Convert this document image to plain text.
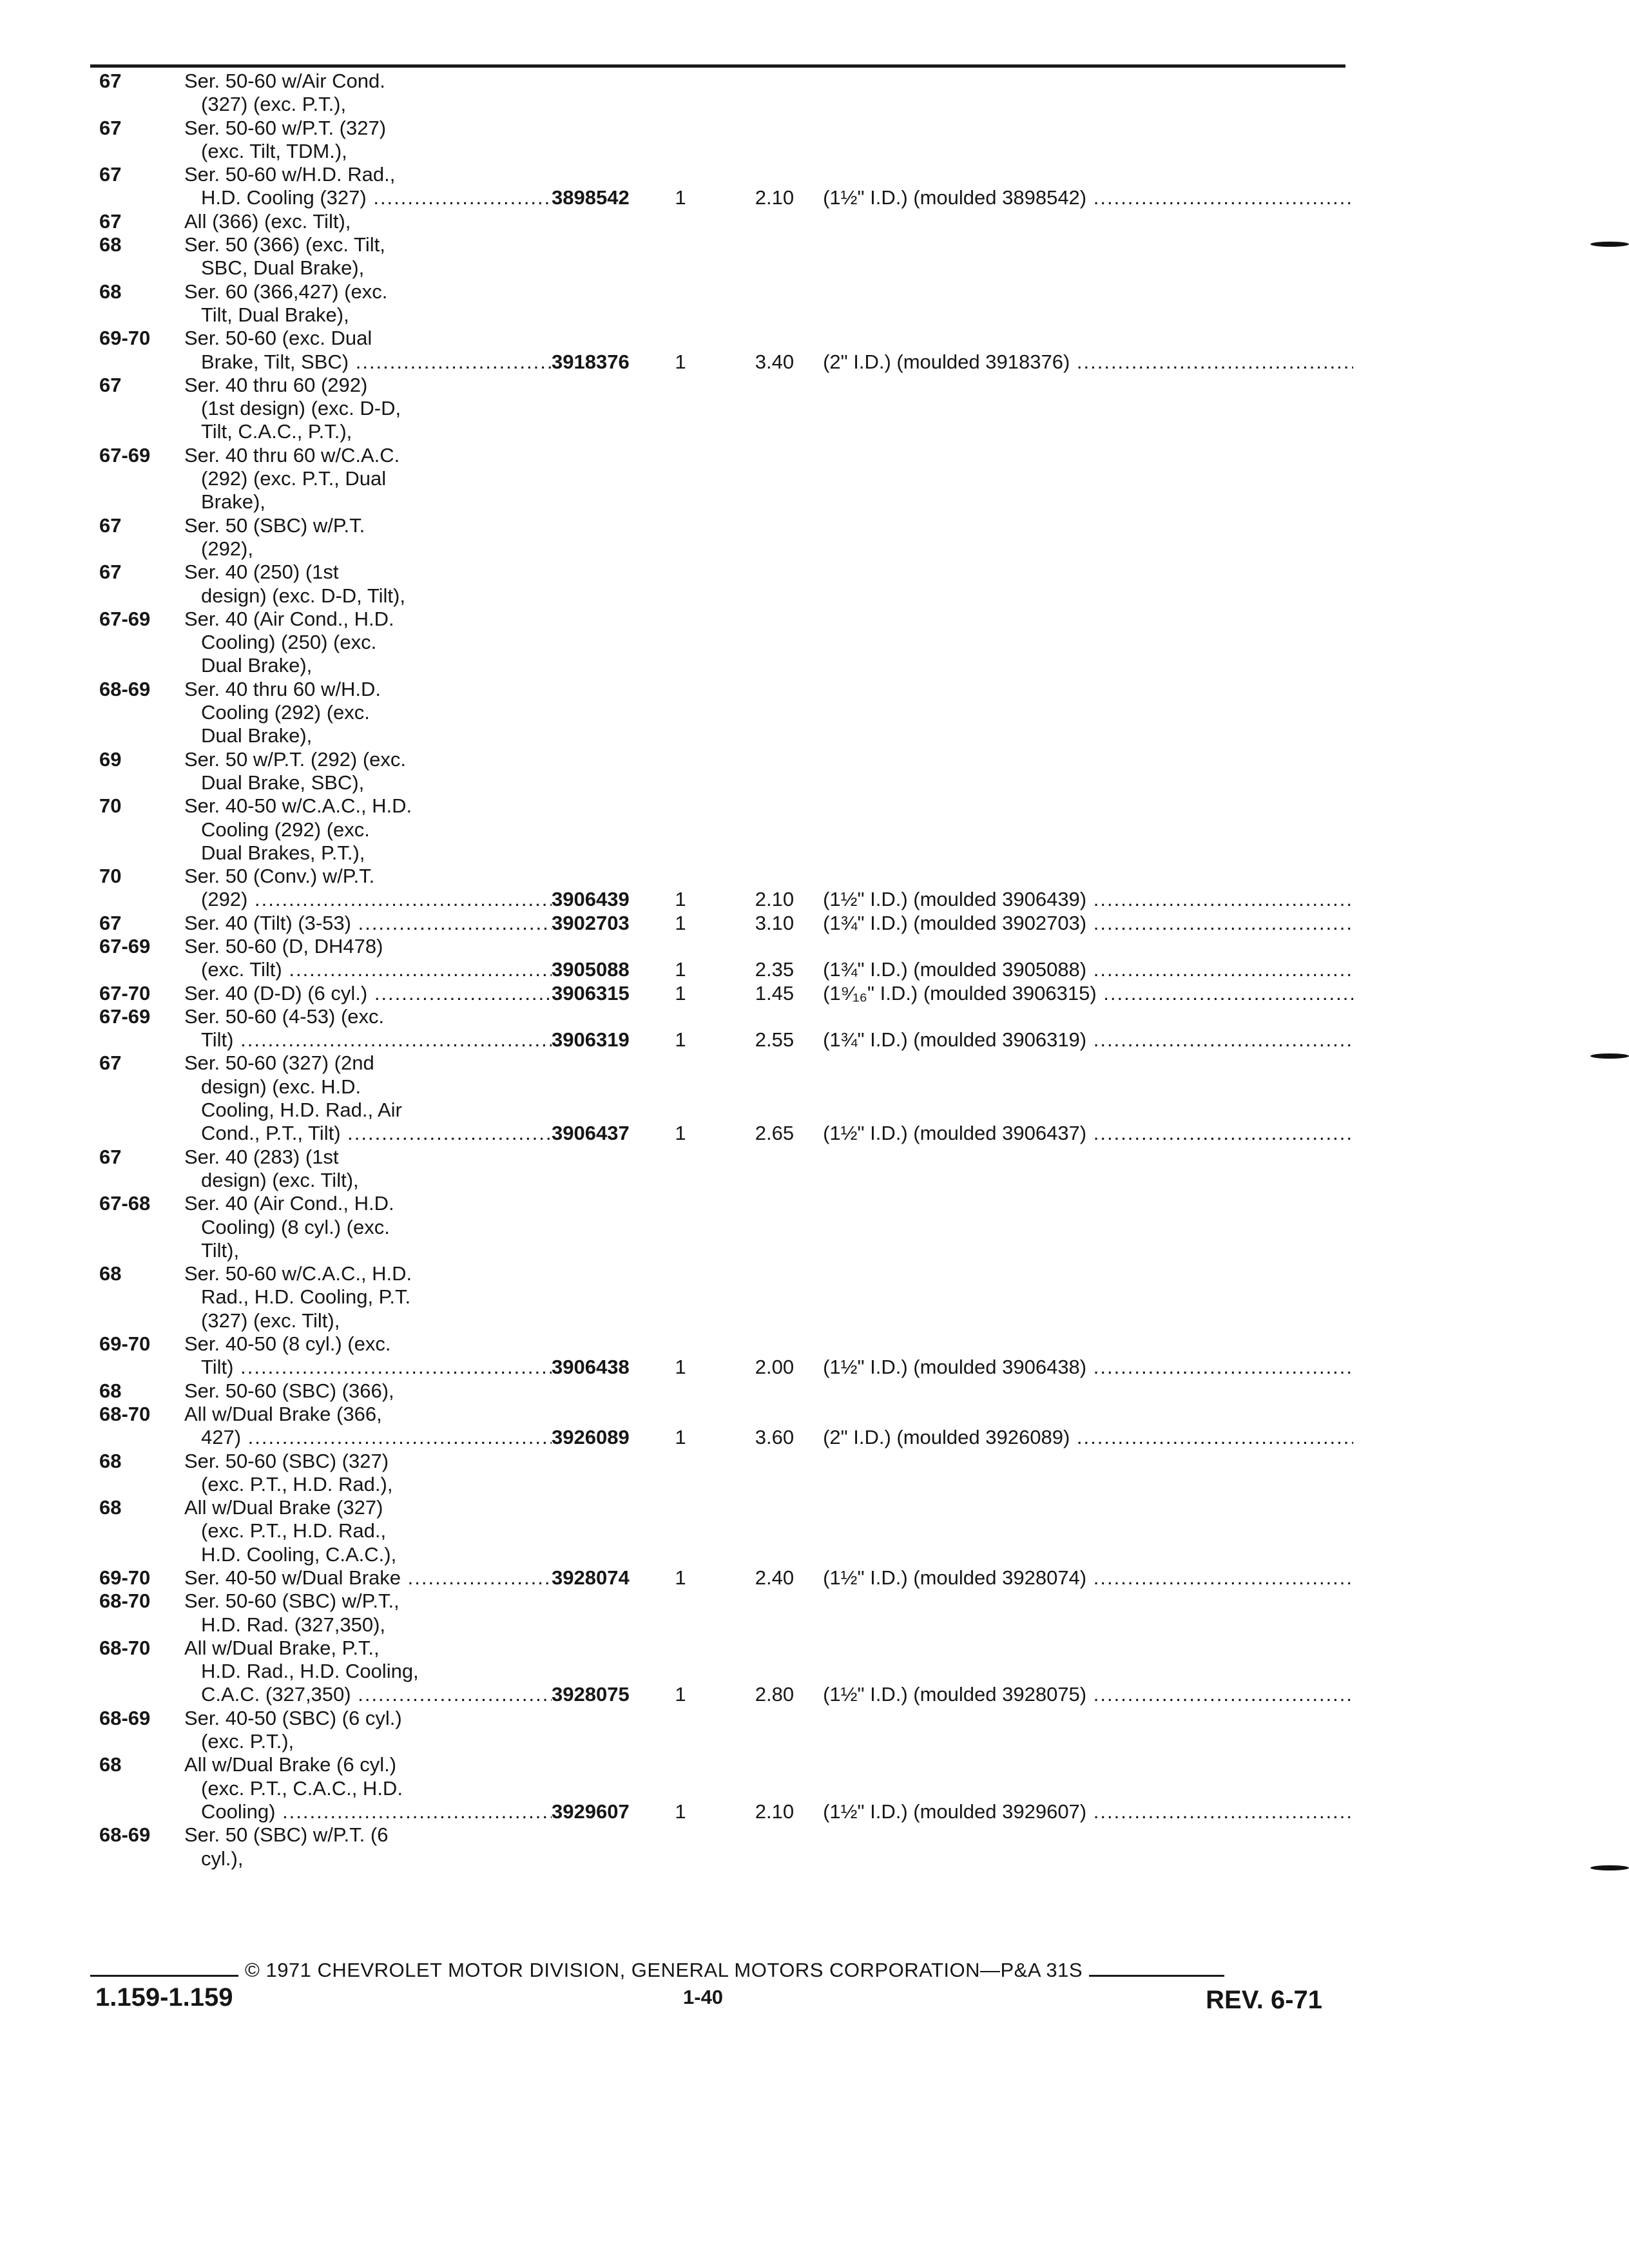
67	Ser. 50-60 w/Air Cond.
(327) (exc. P.T.),
67	Ser. 50-60 w/P.T. (327)
(exc. Tilt, TDM.),
67	Ser. 50-60 w/H.D. Rad.,
H.D. Cooling (327) .....	3898542	1	2.10	(1½" I.D.) (moulded 3898542) .....
67	All (366) (exc. Tilt),
68	Ser. 50 (366) (exc. Tilt,
SBC, Dual Brake),
68	Ser. 60 (366,427) (exc.
Tilt, Dual Brake),
69-70	Ser. 50-60 (exc. Dual
Brake, Tilt, SBC) .....	3918376	1	3.40	(2" I.D.) (moulded 3918376) .....
67	Ser. 40 thru 60 (292)
(1st design) (exc. D-D,
Tilt, C.A.C., P.T.),
67-69	Ser. 40 thru 60 w/C.A.C.
(292) (exc. P.T., Dual
Brake),
67	Ser. 50 (SBC) w/P.T.
(292),
67	Ser. 40 (250) (1st
design) (exc. D-D, Tilt),
67-69	Ser. 40 (Air Cond., H.D.
Cooling) (250) (exc.
Dual Brake),
68-69	Ser. 40 thru 60 w/H.D.
Cooling (292) (exc.
Dual Brake),
69	Ser. 50 w/P.T. (292) (exc.
Dual Brake, SBC),
70	Ser. 40-50 w/C.A.C., H.D.
Cooling (292) (exc.
Dual Brakes, P.T.),
70	Ser. 50 (Conv.) w/P.T.
(292) .....	3906439	1	2.10	(1½" I.D.) (moulded 3906439) .....
67	Ser. 40 (Tilt) (3-53) .....	3902703	1	3.10	(1¾" I.D.) (moulded 3902703) .....
67-69	Ser. 50-60 (D, DH478)
(exc. Tilt) .....	3905088	1	2.35	(1¾" I.D.) (moulded 3905088) .....
67-70	Ser. 40 (D-D) (6 cyl.) .....	3906315	1	1.45	(1⁹⁄₁₆" I.D.) (moulded 3906315) .....
67-69	Ser. 50-60 (4-53) (exc.
Tilt) .....	3906319	1	2.55	(1¾" I.D.) (moulded 3906319) .....
67	Ser. 50-60 (327) (2nd
design) (exc. H.D.
Cooling, H.D. Rad., Air
Cond., P.T., Tilt) .....	3906437	1	2.65	(1½" I.D.) (moulded 3906437) .....
67	Ser. 40 (283) (1st
design) (exc. Tilt),
67-68	Ser. 40 (Air Cond., H.D.
Cooling) (8 cyl.) (exc.
Tilt),
68	Ser. 50-60 w/C.A.C., H.D.
Rad., H.D. Cooling, P.T.
(327) (exc. Tilt),
69-70	Ser. 40-50 (8 cyl.) (exc.
Tilt) .....	3906438	1	2.00	(1½" I.D.) (moulded 3906438) .....
68	Ser. 50-60 (SBC) (366),
68-70	All w/Dual Brake (366,
427) .....	3926089	1	3.60	(2" I.D.) (moulded 3926089) .....
68	Ser. 50-60 (SBC) (327)
(exc. P.T., H.D. Rad.),
68	All w/Dual Brake (327)
(exc. P.T., H.D. Rad.,
H.D. Cooling, C.A.C.),
69-70	Ser. 40-50 w/Dual Brake .....	3928074	1	2.40	(1½" I.D.) (moulded 3928074) .....
68-70	Ser. 50-60 (SBC) w/P.T.,
H.D. Rad. (327,350),
68-70	All w/Dual Brake, P.T.,
H.D. Rad., H.D. Cooling,
C.A.C. (327,350) .....	3928075	1	2.80	(1½" I.D.) (moulded 3928075) .....
68-69	Ser. 40-50 (SBC) (6 cyl.)
(exc. P.T.),
68	All w/Dual Brake (6 cyl.)
(exc. P.T., C.A.C., H.D.
Cooling) .....	3929607	1	2.10	(1½" I.D.) (moulded 3929607) .....
68-69	Ser. 50 (SBC) w/P.T. (6
cyl.),
© 1971 CHEVROLET MOTOR DIVISION, GENERAL MOTORS CORPORATION—P&A 31S
1.159-1.159	1-40	REV. 6-71
